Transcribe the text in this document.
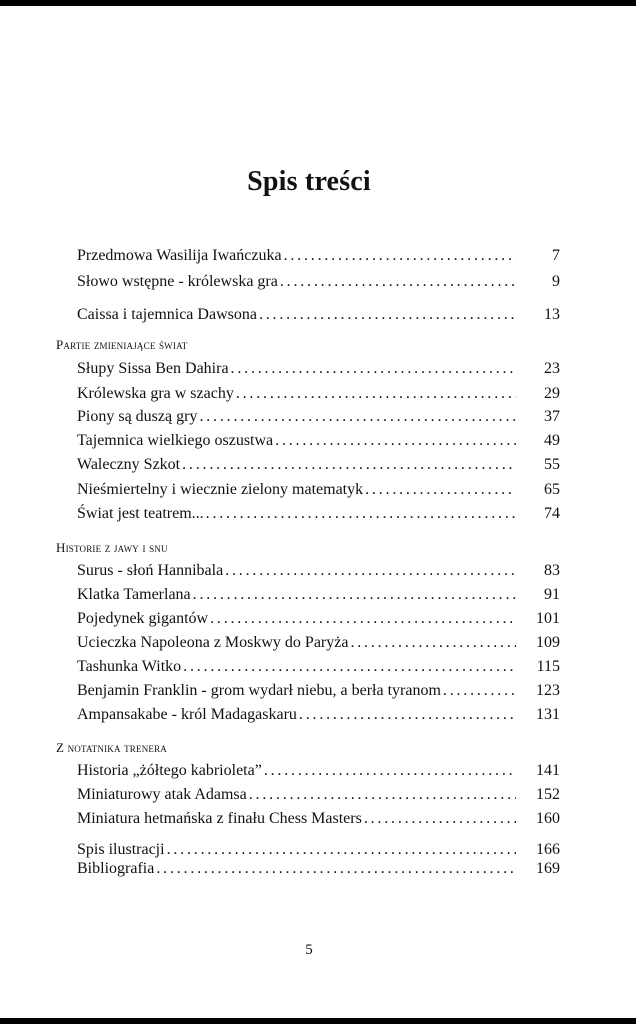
Spis treści
Przedmowa Wasilija Iwańczuka . . .	7
Słowo wstępne - królewska gra . . .	9
Caissa i tajemnica Dawsona . . .	13
Partie zmieniające świat
Słupy Sissa Ben Dahira . . .	23
Królewska gra w szachy . . .	29
Piony są duszą gry . . .	37
Tajemnica wielkiego oszustwa . . .	49
Waleczny Szkot . . .	55
Nieśmiertelny i wiecznie zielony matematyk . . .	65
Świat jest teatrem... . . .	74
Historie z jawy i snu
Surus - słoń Hannibala . . .	83
Klatka Tamerlana . . .	91
Pojedynek gigantów . . .	101
Ucieczka Napoleona z Moskwy do Paryża . . .	109
Tashunka Witko . . .	115
Benjamin Franklin - grom wydarł niebu, a berła tyranom . . .	123
Ampansakabe - król Madagaskaru . . .	131
Z notatnika trenera
Historia „żółtego kabrioleta” . . .	141
Miniaturowy atak Adamsa . . .	152
Miniatura hetmańska z finału Chess Masters . . .	160
Spis ilustracji . . .	166
Bibliografia . . .	169
5
